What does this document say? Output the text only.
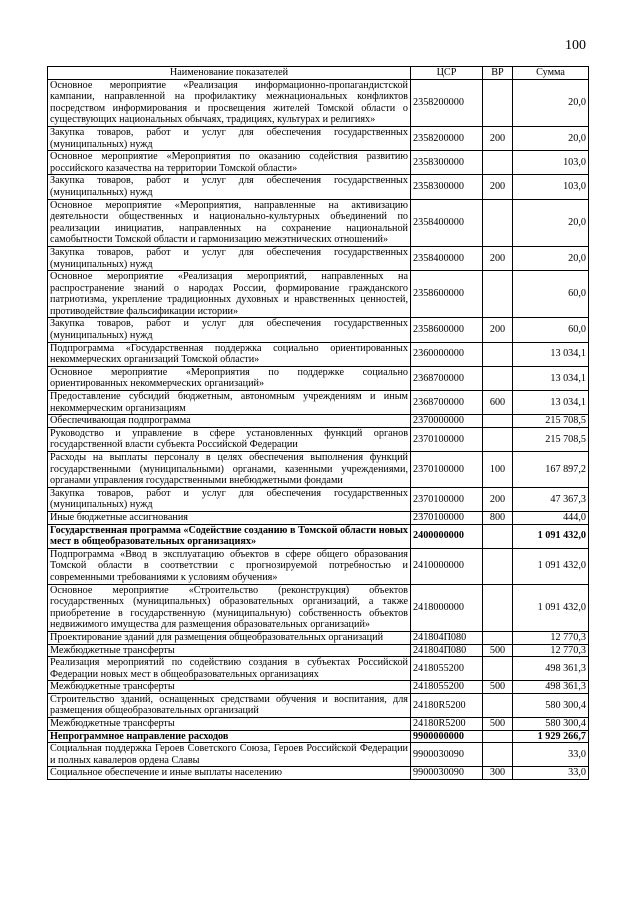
100
Наименование показателей	ЦСР	ВР	Сумма
Основное мероприятие «Реализация информационно-пропагандистской кампании, направленной на профилактику межнациональных конфликтов посредством информирования и просвещения жителей Томской области о существующих национальных обычаях, традициях, культурах и религиях»	2358200000		20,0
Закупка товаров, работ и услуг для обеспечения государственных (муниципальных) нужд	2358200000	200	20,0
Основное мероприятие «Мероприятия по оказанию содействия развитию российского казачества на территории Томской области»	2358300000		103,0
Закупка товаров, работ и услуг для обеспечения государственных (муниципальных) нужд	2358300000	200	103,0
Основное мероприятие «Мероприятия, направленные на активизацию деятельности общественных и национально-культурных объединений по реализации инициатив, направленных на сохранение национальной самобытности Томской области и гармонизацию межэтнических отношений»	2358400000		20,0
Закупка товаров, работ и услуг для обеспечения государственных (муниципальных) нужд	2358400000	200	20,0
Основное мероприятие «Реализация мероприятий, направленных на распространение знаний о народах России, формирование гражданского патриотизма, укрепление традиционных духовных и нравственных ценностей, противодействие фальсификации истории»	2358600000		60,0
Закупка товаров, работ и услуг для обеспечения государственных (муниципальных) нужд	2358600000	200	60,0
Подпрограмма «Государственная поддержка социально ориентированных некоммерческих организаций Томской области»	2360000000		13 034,1
Основное мероприятие «Мероприятия по поддержке социально ориентированных некоммерческих организаций»	2368700000		13 034,1
Предоставление субсидий бюджетным, автономным учреждениям и иным некоммерческим организациям	2368700000	600	13 034,1
Обеспечивающая подпрограмма	2370000000		215 708,5
Руководство и управление в сфере установленных функций органов государственной власти субъекта Российской Федерации	2370100000		215 708,5
Расходы на выплаты персоналу в целях обеспечения выполнения функций государственными (муниципальными) органами, казенными учреждениями, органами управления государственными внебюджетными фондами	2370100000	100	167 897,2
Закупка товаров, работ и услуг для обеспечения государственных (муниципальных) нужд	2370100000	200	47 367,3
Иные бюджетные ассигнования	2370100000	800	444,0
Государственная программа «Содействие созданию в Томской области новых мест в общеобразовательных организациях»	2400000000		1 091 432,0
Подпрограмма «Ввод в эксплуатацию объектов в сфере общего образования Томской области в соответствии с прогнозируемой потребностью и современными требованиями к условиям обучения»	2410000000		1 091 432,0
Основное мероприятие «Строительство (реконструкция) объектов государственных (муниципальных) образовательных организаций, а также приобретение в государственную (муниципальную) собственность объектов недвижимого имущества для размещения образовательных организаций»	2418000000		1 091 432,0
Проектирование зданий для размещения общеобразовательных организаций	241804П080		12 770,3
Межбюджетные трансферты	241804П080	500	12 770,3
Реализация мероприятий по содействию создания в субъектах Российской Федерации новых мест в общеобразовательных организациях	2418055200		498 361,3
Межбюджетные трансферты	2418055200	500	498 361,3
Строительство зданий, оснащенных средствами обучения и воспитания, для размещения общеобразовательных организаций	24180R5200		580 300,4
Межбюджетные трансферты	24180R5200	500	580 300,4
Непрограммное направление расходов	9900000000		1 929 266,7
Социальная поддержка Героев Советского Союза, Героев Российской Федерации и полных кавалеров ордена Славы	9900030090		33,0
Социальное обеспечение и иные выплаты населению	9900030090	300	33,0
